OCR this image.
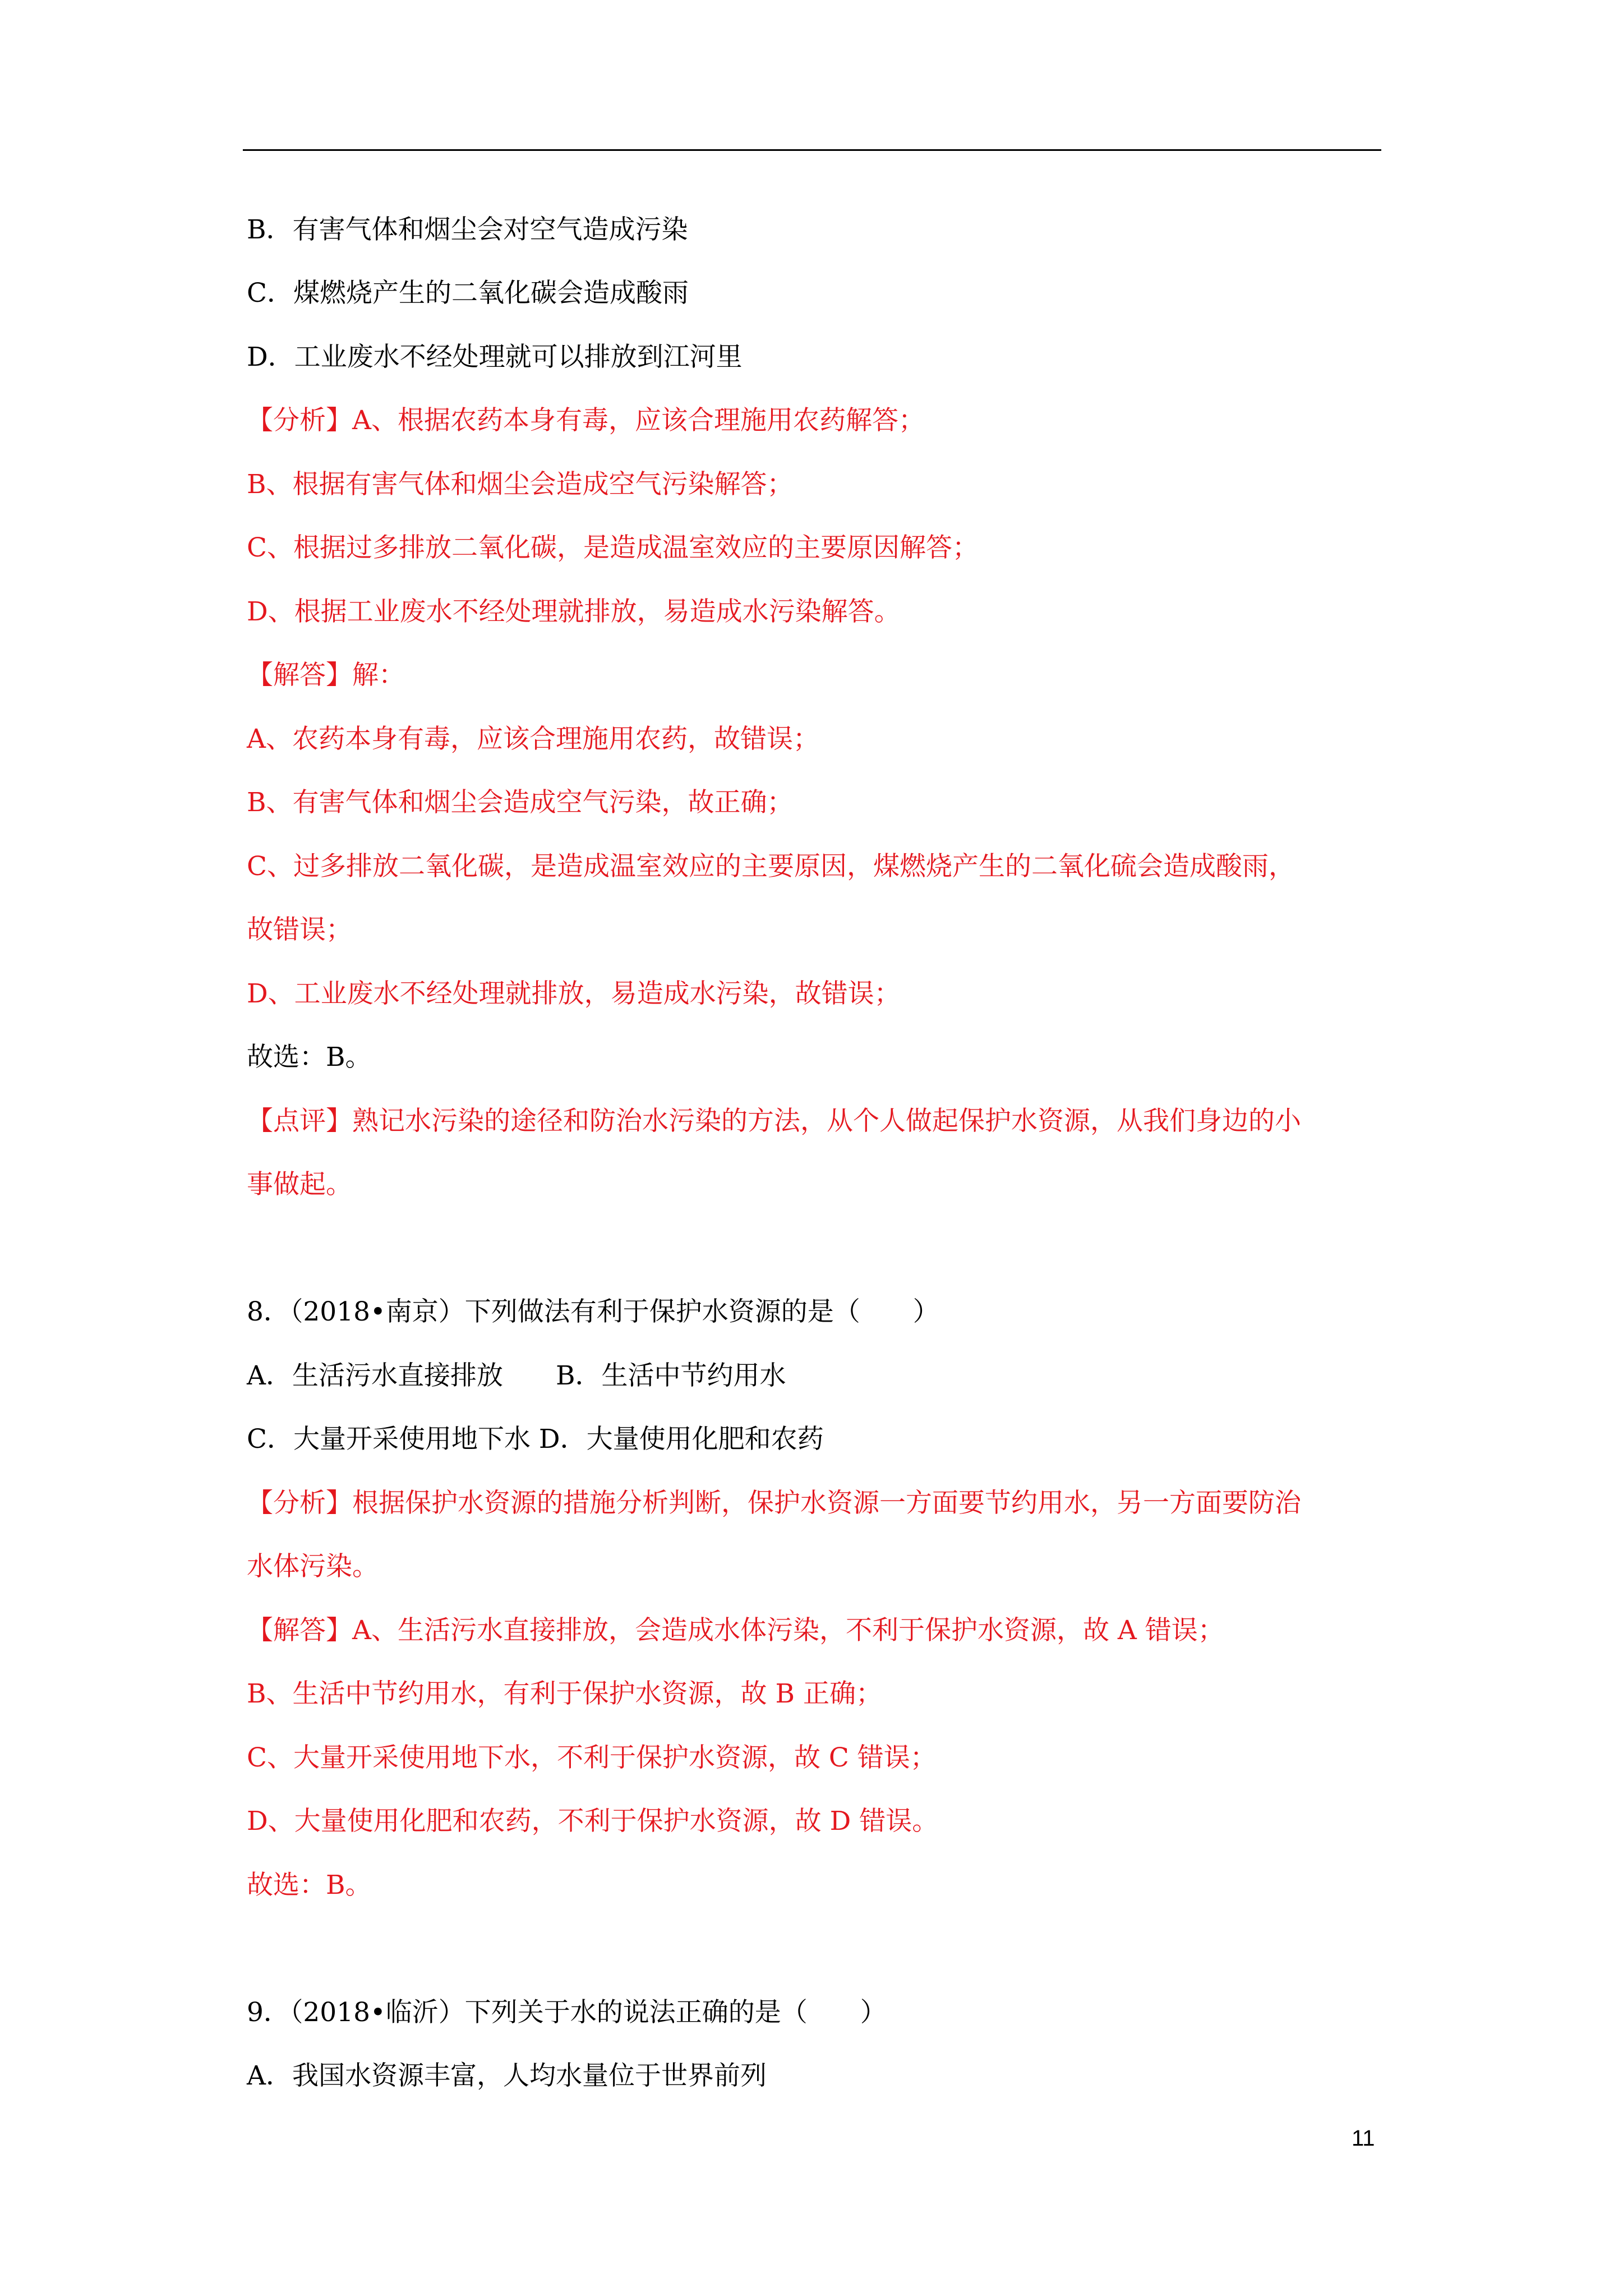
B．有害气体和烟尘会对空气造成污染
C．煤燃烧产生的二氧化碳会造成酸雨
D．工业废水不经处理就可以排放到江河里
【分析】A、根据农药本身有毒，应该合理施用农药解答；
B、根据有害气体和烟尘会造成空气污染解答；
C、根据过多排放二氧化碳，是造成温室效应的主要原因解答；
D、根据工业废水不经处理就排放，易造成水污染解答。
【解答】解：
A、农药本身有毒，应该合理施用农药，故错误；
B、有害气体和烟尘会造成空气污染，故正确；
C、过多排放二氧化碳，是造成温室效应的主要原因，煤燃烧产生的二氧化硫会造成酸雨，
故错误；
D、工业废水不经处理就排放，易造成水污染，故错误；
故选：B。
【点评】熟记水污染的途径和防治水污染的方法，从个人做起保护水资源，从我们身边的小
事做起。
8．（2018•南京）下列做法有利于保护水资源的是（　　）
A．生活污水直接排放　　B．生活中节约用水
C．大量开采使用地下水 D．大量使用化肥和农药
【分析】根据保护水资源的措施分析判断，保护水资源一方面要节约用水，另一方面要防治
水体污染。
【解答】A、生活污水直接排放，会造成水体污染，不利于保护水资源，故 A 错误；
B、生活中节约用水，有利于保护水资源，故 B 正确；
C、大量开采使用地下水，不利于保护水资源，故 C 错误；
D、大量使用化肥和农药，不利于保护水资源，故 D 错误。
故选：B。
9．（2018•临沂）下列关于水的说法正确的是（　　）
A．我国水资源丰富，人均水量位于世界前列
11
